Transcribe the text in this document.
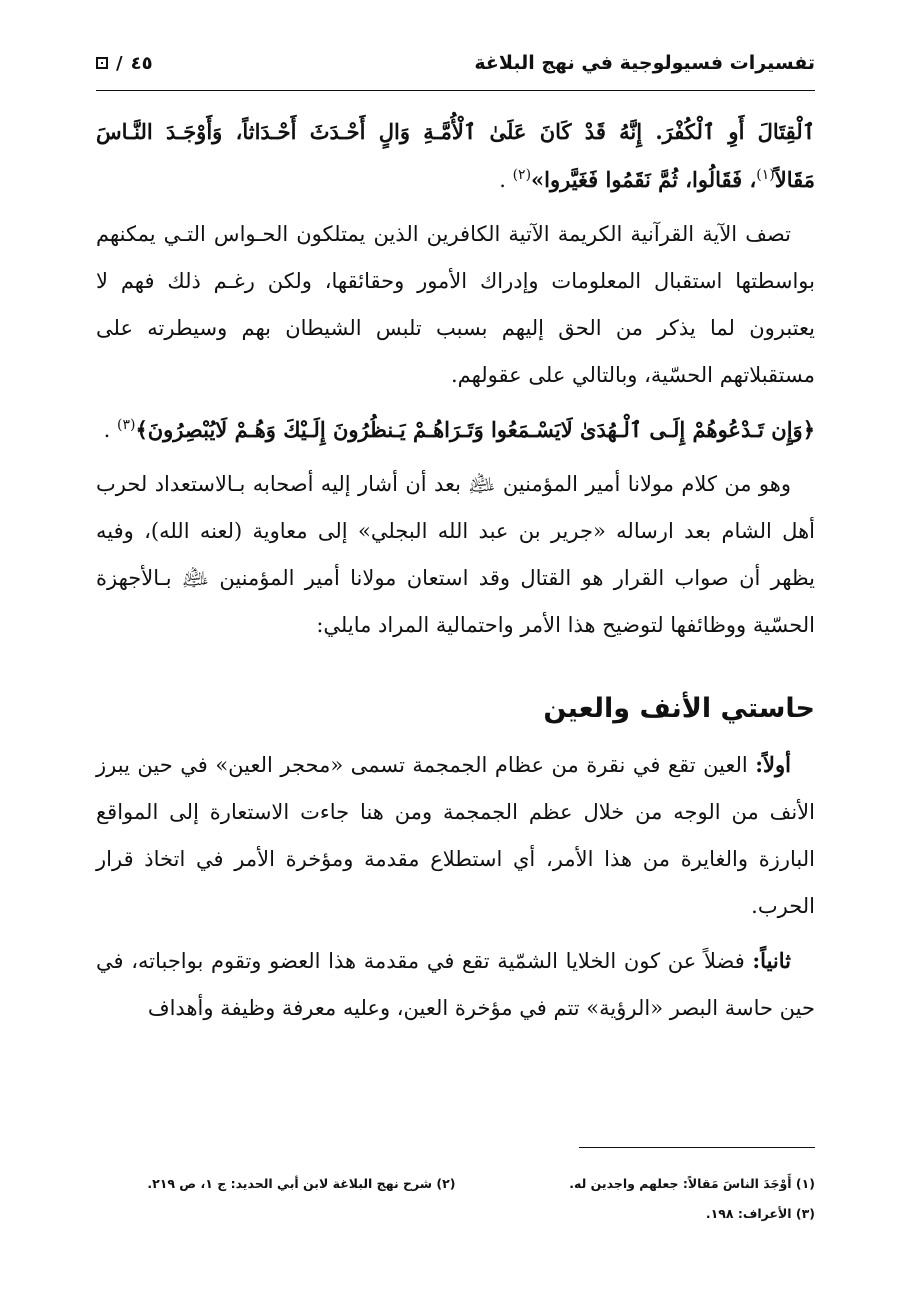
تفسيرات فسيولوجية في نهج البلاغة
٤٥
/

ٱلْقِتَالَ أَوِ ٱلْكُفْرَ. إِنَّهُ قَدْ كَانَ عَلَىٰ ٱلْأُمَّـةِ وَالٍ أَحْـدَثَ أَحْـدَاثاً، وَأَوْجَـدَ النَّـاسَ مَقَالاً$^{(١)}$، فَقَالُوا، ثُمَّ نَقَمُوا فَغَيَّروا»$^{(٢)}$ .

تصف الآية القرآنية الكريمة الآتية الكافرين الذين يمتلكون الحـواس التـي يمكنهم بواسطتها استقبال المعلومات وإدراك الأمور وحقائقها، ولكن رغـم ذلك فهم لا يعتبرون لما يذكر من الحق إليهم بسبب تلبس الشيطان بهم وسيطرته على مستقبلاتهم الحسّية، وبالتالي على عقولهم.

﴿وَإِن تَـدْعُوهُمْ إِلَـى ٱلْـهُدَىٰ لَايَسْـمَعُوا وَتَـرَاهُـمْ يَـنظُرُونَ إِلَـيْكَ وَهُـمْ لَايُبْصِرُونَ﴾$^{(٣)}$ .

وهو من كلام مولانا أمير المؤمنين ﵇ بعد أن أشار إليه أصحابه بـالاستعداد لحرب أهل الشام بعد ارساله «جرير بن عبد الله البجلي» إلى معاوية (لعنه الله)، وفيه يظهر أن صواب القرار هو القتال وقد استعان مولانا أمير المؤمنين ﵇ بـالأجهزة الحسّية ووظائفها لتوضيح هذا الأمر واحتمالية المراد مايلي:

حاستي الأنف والعين

أولاً: العين تقع في نقرة من عظام الجمجمة تسمى «محجر العين» في حين يبرز الأنف من الوجه من خلال عظم الجمجمة ومن هنا جاءت الاستعارة إلى المواقع البارزة والغايرة من هذا الأمر، أي استطلاع مقدمة ومؤخرة الأمر في اتخاذ قرار الحرب.

ثانياً: فضلاً عن كون الخلايا الشمّية تقع في مقدمة هذا العضو وتقوم بواجباته، في حين حاسة البصر «الرؤية» تتم في مؤخرة العين، وعليه معرفة وظيفة وأهداف

(١) أَوْجَدَ الناسَ مَقالاً: جعلهم واجدين له.
(٢) شرح نهج البلاغة لابن أبي الحديد: ج ١، ص ٢١٩.
(٣) الأعراف: ١٩٨.
